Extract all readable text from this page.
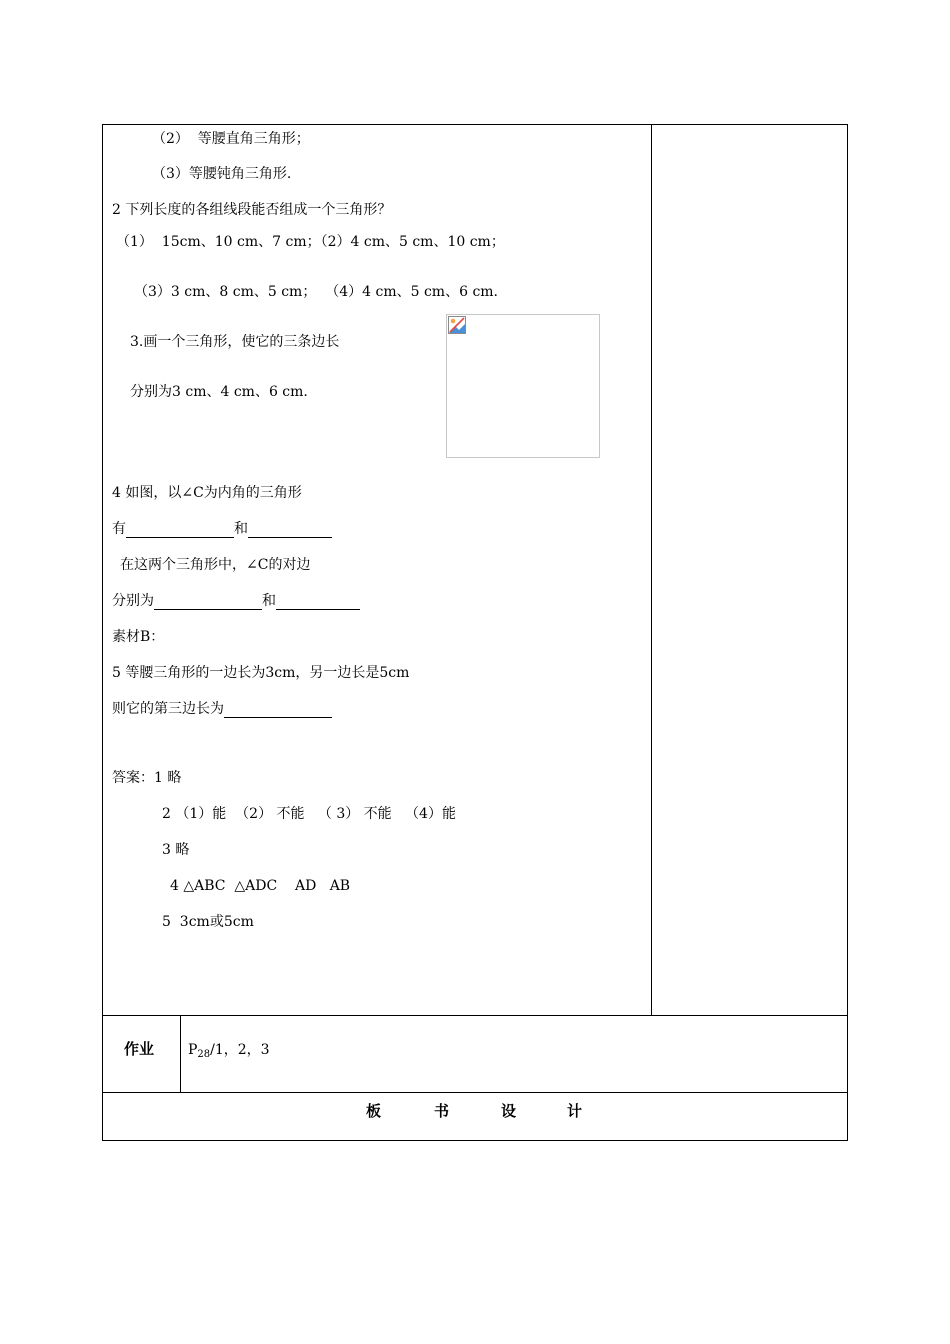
（2）  等腰直角三角形；
（3）等腰钝角三角形.
2 下列长度的各组线段能否组成一个三角形？
（1）  15cm、10 cm、7 cm；（2）4 cm、5 cm、10 cm；
（3）3 cm、8 cm、5 cm；  （4）4 cm、5 cm、6 cm.
3.画一个三角形，使它的三条边长
分别为3 cm、4 cm、6 cm.
4 如图，以∠C为内角的三角形
有	和
在这两个三角形中，∠C的对边
分别为	和
素材B：
5 等腰三角形的一边长为3cm，另一边长是5cm
则它的第三边长为
答案：1 略
2 （1）能  （2） 不能   （ 3） 不能   （4）能
3 略
4 △ABC  △ADC    AD   AB
5  3cm或5cm
作业 $P_{28}/1$，2，3
板	书	设	计
